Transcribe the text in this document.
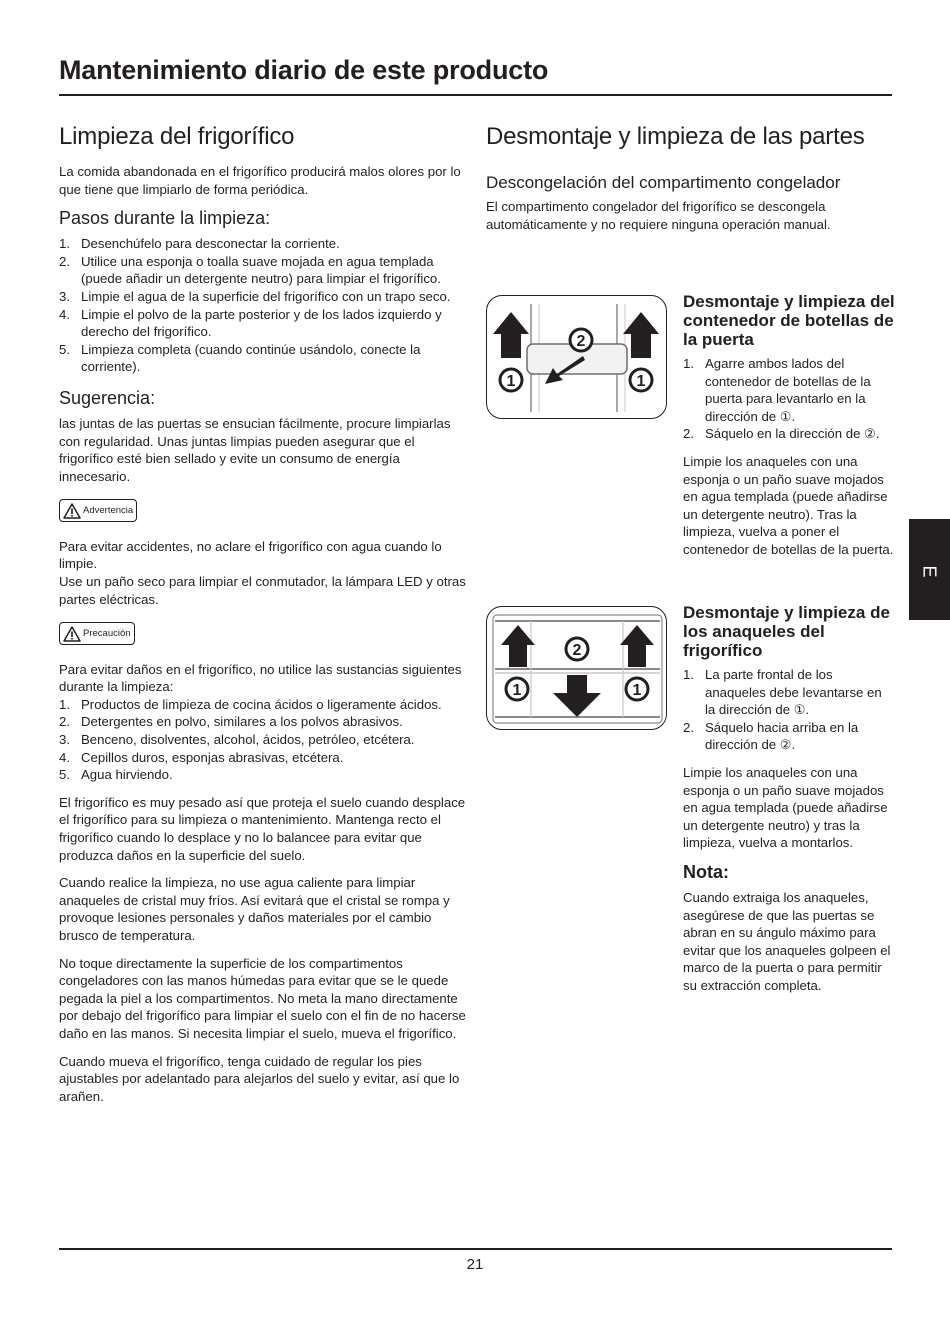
Mantenimiento diario de este producto
E
Limpieza del frigorífico

La comida abandonada en el frigorífico producirá malos olores por lo que tiene que limpiarlo de forma periódica.

Pasos durante la limpieza:
1. Desenchúfelo para desconectar la corriente.
2. Utilice una esponja o toalla suave mojada en agua templada (puede añadir un detergente neutro) para limpiar el frigorífico.
3. Limpie el agua de la superficie del frigorífico con un trapo seco.
4. Limpie el polvo de la parte posterior y de los lados izquierdo y derecho del frigorífico.
5. Limpieza completa (cuando continúe usándolo, conecte la corriente).
Sugerencia:

las juntas de las puertas se ensucian fácilmente, procure limpiarlas con regularidad. Unas juntas limpias pueden asegurar que el frigorífico esté bien sellado y evite un consumo de energía innecesario.

Advertencia

Para evitar accidentes, no aclare el frigorífico con agua cuando lo limpie.

Use un paño seco para limpiar el conmutador, la lámpara LED y otras partes eléctricas.

Precaución

Para evitar daños en el frigorífico, no utilice las sustancias siguientes durante la limpieza:

1. Productos de limpieza de cocina ácidos o ligeramente ácidos.
2. Detergentes en polvo, similares a los polvos abrasivos.
3. Benceno, disolventes, alcohol, ácidos, petróleo, etcétera.
4. Cepillos duros, esponjas abrasivas, etcétera.
5. Agua hirviendo.

El frigorífico es muy pesado así que proteja el suelo cuando desplace el frigorífico para su limpieza o mantenimiento. Mantenga recto el frigorífico cuando lo desplace y no lo balancee para evitar que produzca daños en la superficie del suelo.

Cuando realice la limpieza, no use agua caliente para limpiar anaqueles de cristal muy fríos. Así evitará que el cristal se rompa y provoque lesiones personales y daños materiales por el cambio brusco de temperatura.

No toque directamente la superficie de los compartimentos congeladores con las manos húmedas para evitar que se le quede pegada la piel a los compartimentos. No meta la mano directamente por debajo del frigorífico para limpiar el suelo con el fin de no hacerse daño en las manos. Si necesita limpiar el suelo, mueva el frigorífico.

Cuando mueva el frigorífico, tenga cuidado de regular los pies ajustables por adelantado para alejarlos del suelo y evitar, así que lo arañen.

Desmontaje y limpieza de las partes
Descongelación del compartimento congelador

El compartimento congelador del frigorífico se descongela automáticamente y no requiere ninguna operación manual.

1	1
2
Desmontaje y limpieza del contenedor de botellas de la puerta
1. Agarre ambos lados del contenedor de botellas de la puerta para levantarlo en la dirección de ①.
2. Sáquelo en la dirección de ②.

Limpie los anaqueles con una esponja o un paño suave mojados en agua templada (puede añadirse un detergente neutro). Tras la limpieza, vuelva a poner el contenedor de botellas de la puerta.

1	1
2
Desmontaje y limpieza de los anaqueles del frigorífico
1. La parte frontal de los anaqueles debe levantarse en la dirección de ①.
2. Sáquelo hacia arriba en la dirección de ②.

Limpie los anaqueles con una esponja o un paño suave mojados en agua templada (puede añadirse un detergente neutro) y tras la limpieza, vuelva a montarlos.

Nota:

Cuando extraiga los anaqueles, asegúrese de que las puertas se abran en su ángulo máximo para evitar que los anaqueles golpeen el marco de la puerta o para permitir su extracción completa.

21
